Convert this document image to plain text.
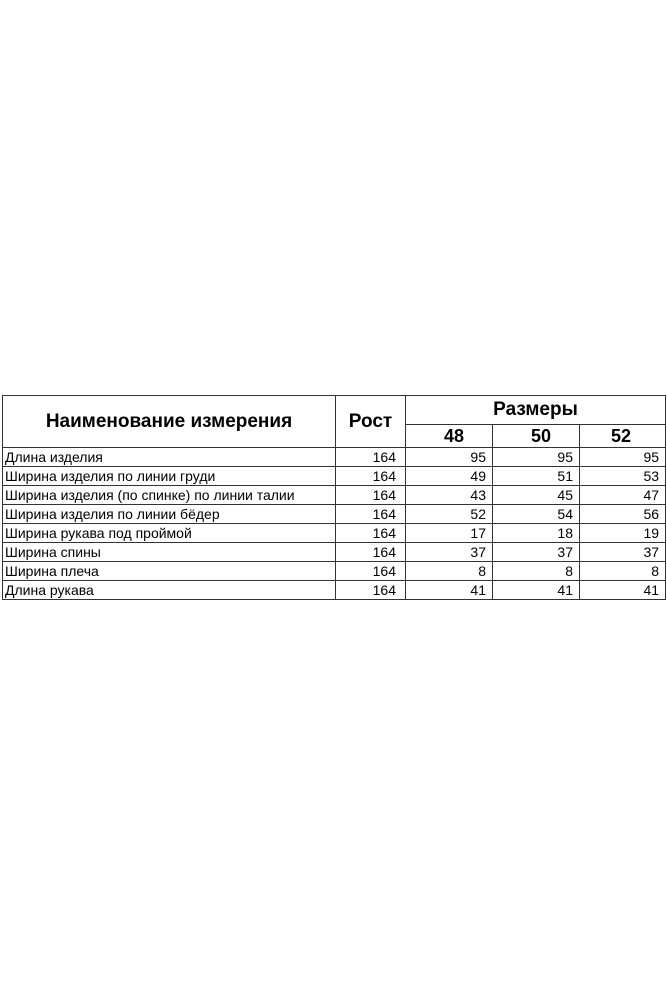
Наименование измерения	Рост	Размеры		
		48	50	52
Длина изделия	164	95	95	95
Ширина изделия по линии груди	164	49	51	53
Ширина изделия (по спинке) по линии талии	164	43	45	47
Ширина изделия по линии бёдер	164	52	54	56
Ширина рукава под проймой	164	17	18	19
Ширина спины	164	37	37	37
Ширина плеча	164	8	8	8
Длина рукава	164	41	41	41
